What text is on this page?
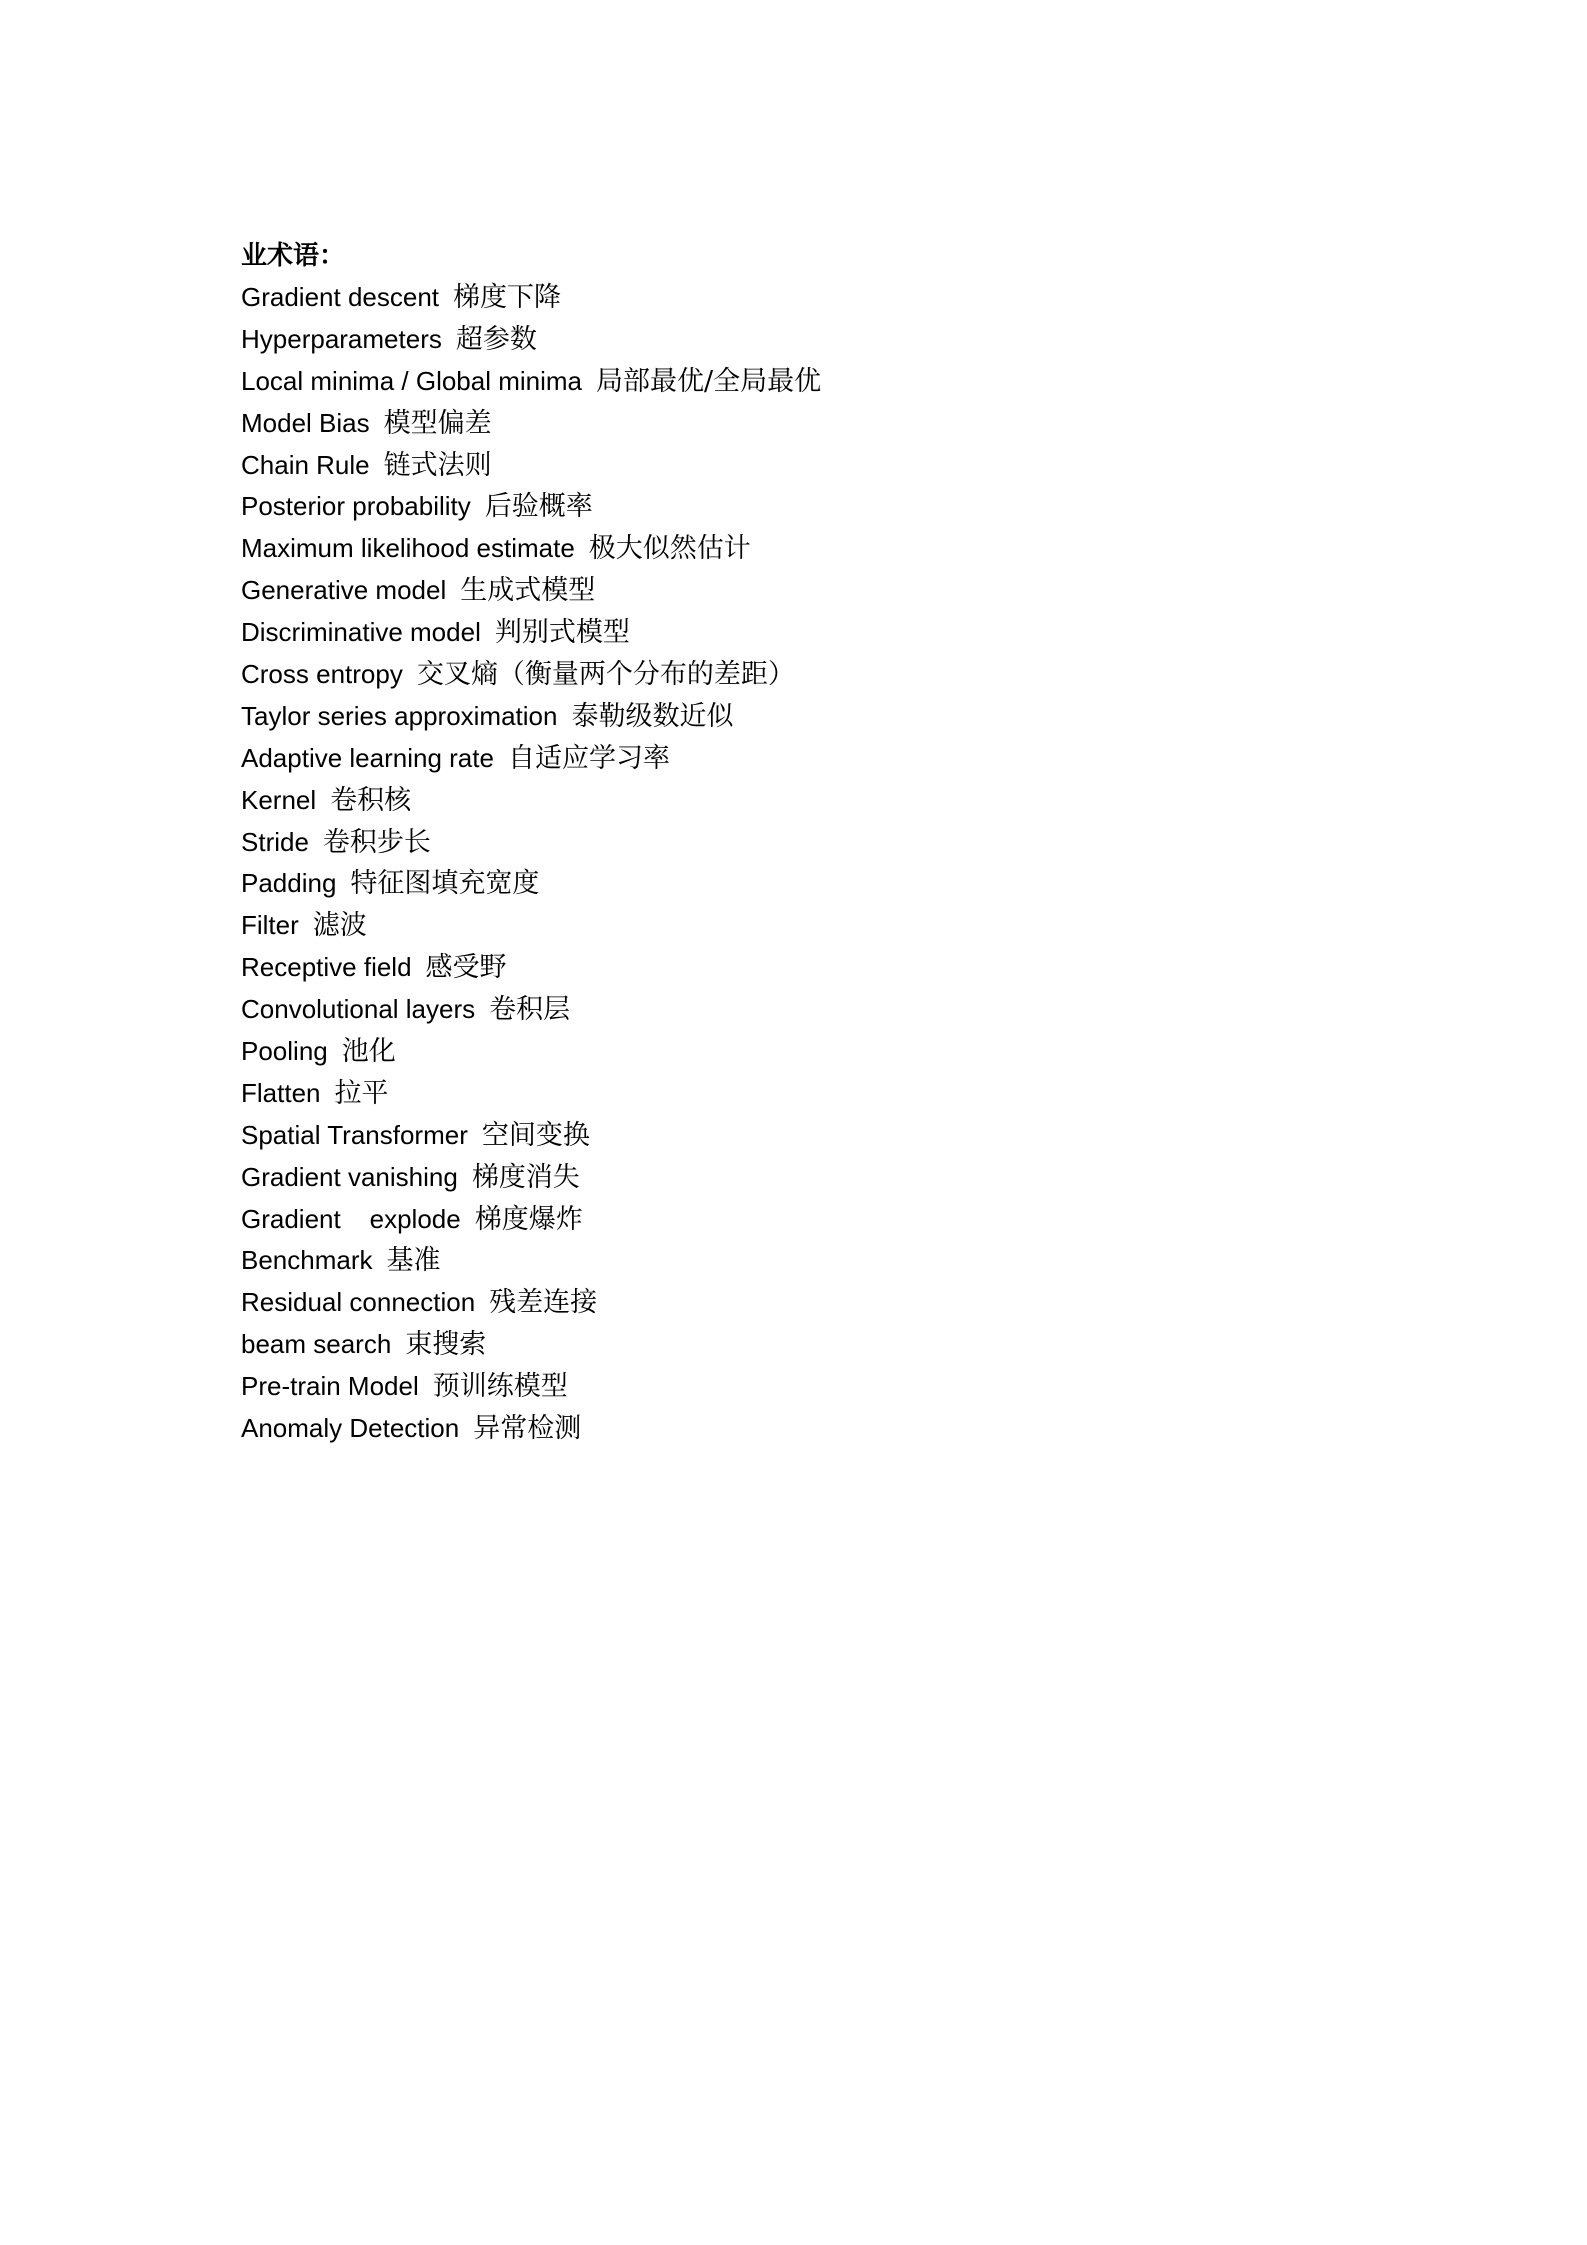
业术语：
Gradient descent 梯度下降
Hyperparameters 超参数
Local minima / Global minima 局部最优/全局最优
Model Bias 模型偏差
Chain Rule 链式法则
Posterior probability 后验概率
Maximum likelihood estimate 极大似然估计
Generative model 生成式模型
Discriminative model 判别式模型
Cross entropy 交叉熵（衡量两个分布的差距）
Taylor series approximation 泰勒级数近似
Adaptive learning rate 自适应学习率
Kernel 卷积核
Stride 卷积步长
Padding 特征图填充宽度
Filter 滤波
Receptive field 感受野
Convolutional layers 卷积层
Pooling 池化
Flatten 拉平
Spatial Transformer 空间变换
Gradient vanishing 梯度消失
Gradient    explode 梯度爆炸
Benchmark 基准
Residual connection 残差连接
beam search 束搜索
Pre-train Model 预训练模型
Anomaly Detection 异常检测
